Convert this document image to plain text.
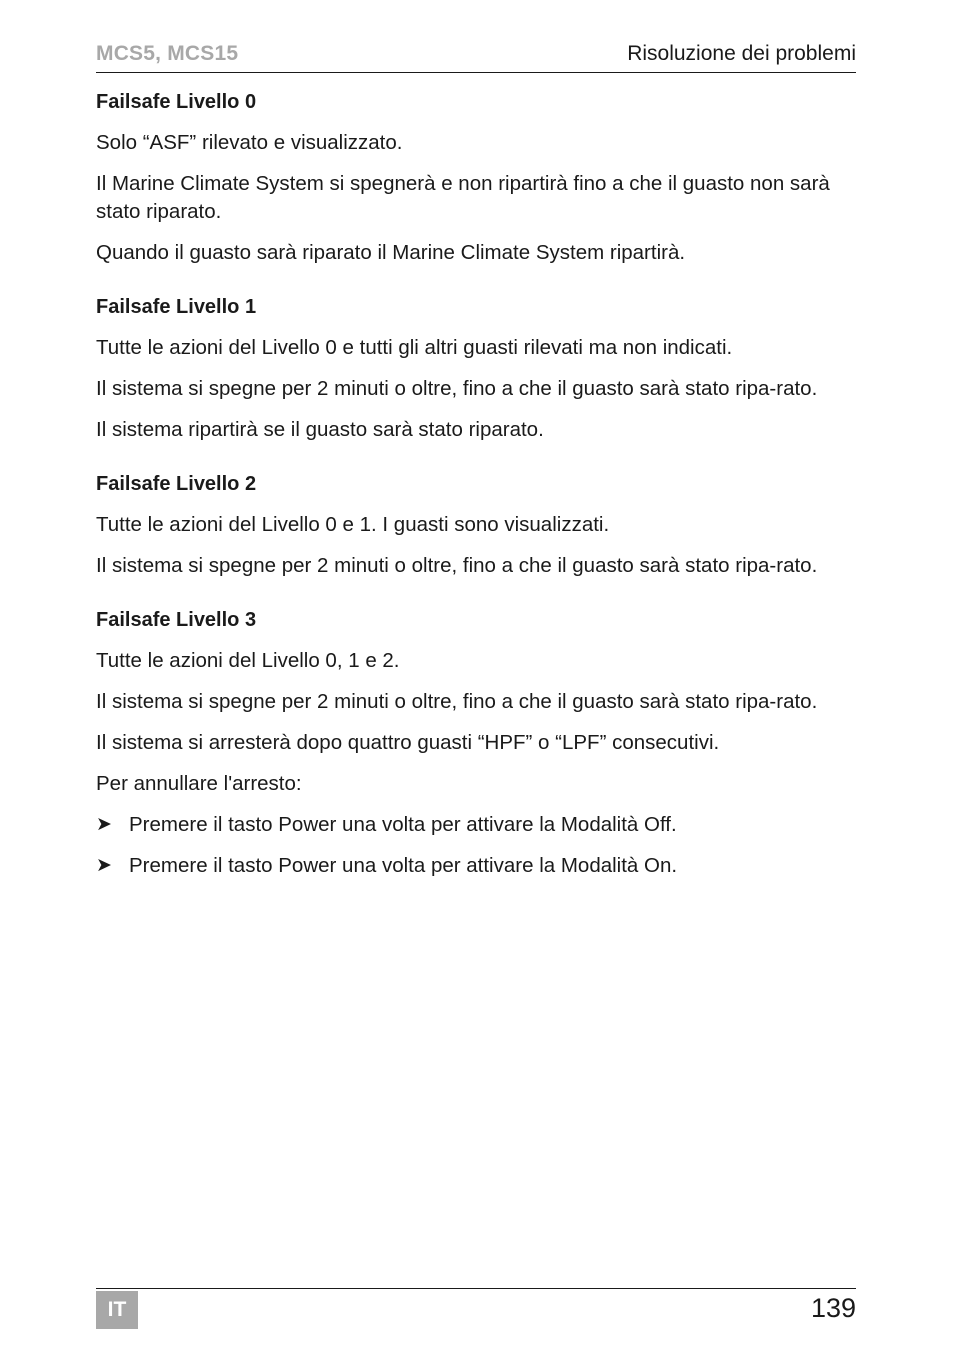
MCS5, MCS15	Risoluzione dei problemi
Failsafe Livello 0
Solo “ASF” rilevato e visualizzato.
Il Marine Climate System si spegnerà e non ripartirà fino a che il guasto non sarà stato riparato.
Quando il guasto sarà riparato il Marine Climate System ripartirà.
Failsafe Livello 1
Tutte le azioni del Livello 0 e tutti gli altri guasti rilevati ma non indicati.
Il sistema si spegne per 2 minuti o oltre, fino a che il guasto sarà stato ripa-rato.
Il sistema ripartirà se il guasto sarà stato riparato.
Failsafe Livello 2
Tutte le azioni del Livello 0 e 1. I guasti sono visualizzati.
Il sistema si spegne per 2 minuti o oltre, fino a che il guasto sarà stato ripa-rato.
Failsafe Livello 3
Tutte le azioni del Livello 0, 1 e 2.
Il sistema si spegne per 2 minuti o oltre, fino a che il guasto sarà stato ripa-rato.
Il sistema si arresterà dopo quattro guasti “HPF” o “LPF” consecutivi.
Per annullare l'arresto:
➤ Premere il tasto Power una volta per attivare la Modalità Off.
➤ Premere il tasto Power una volta per attivare la Modalità On.
IT	139
